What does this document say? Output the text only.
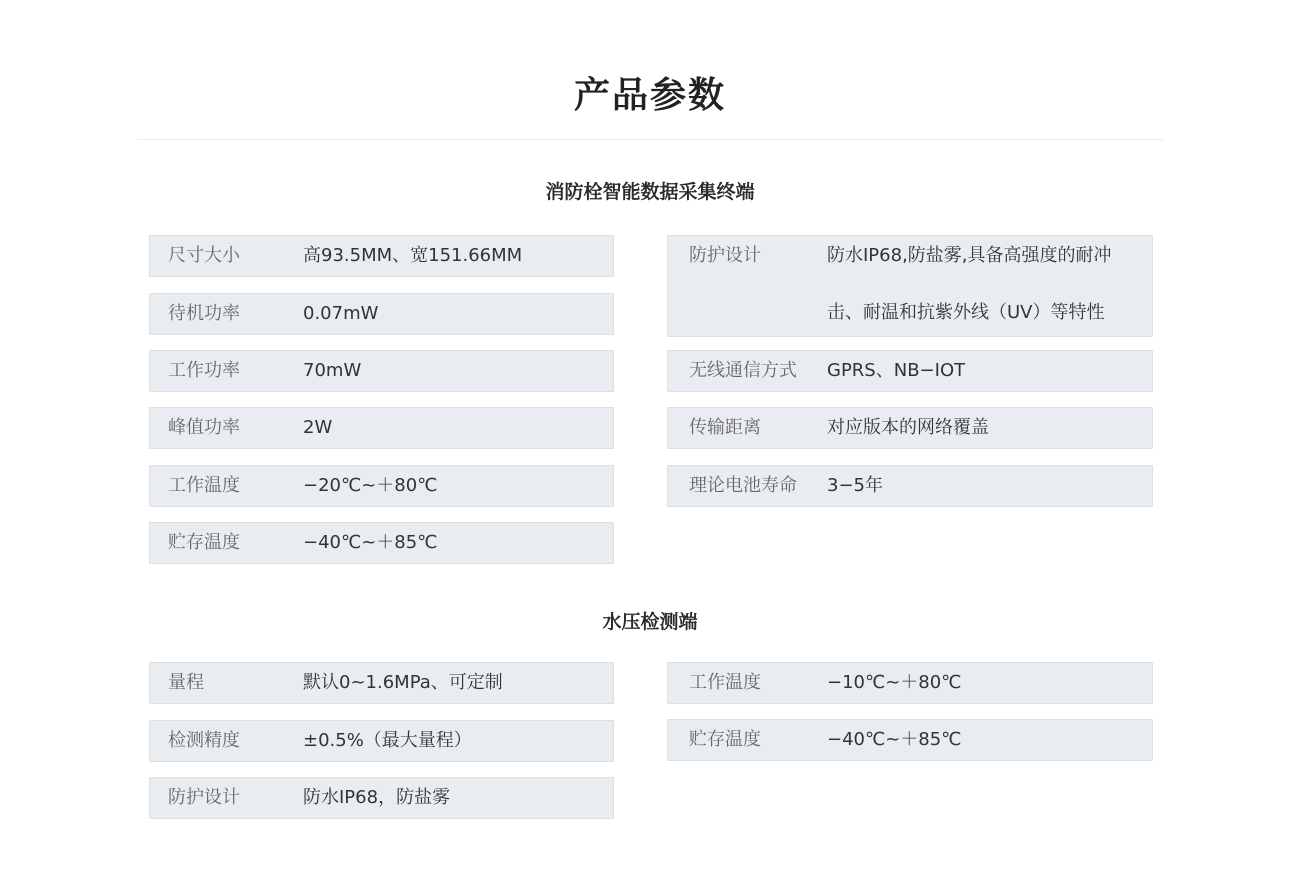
产品参数
消防栓智能数据采集终端
尺寸大小	高93.5MM、宽151.66MM
待机功率	0.07mW
工作功率	70mW
峰值功率	2W
工作温度	−20℃~＋80℃
贮存温度	−40℃~＋85℃
防护设计	防水IP68,防盐雾,具备高强度的耐冲
击、耐温和抗紫外线（UV）等特性
无线通信方式 GPRS、NB−IOT
传输距离	对应版本的网络覆盖
理论电池寿命 3−5年
水压检测端
量程	默认0~1.6MPa、可定制
检测精度	±0.5%（最大量程）
防护设计	防水IP68，防盐雾
工作温度	−10℃~＋80℃
贮存温度	−40℃~＋85℃
